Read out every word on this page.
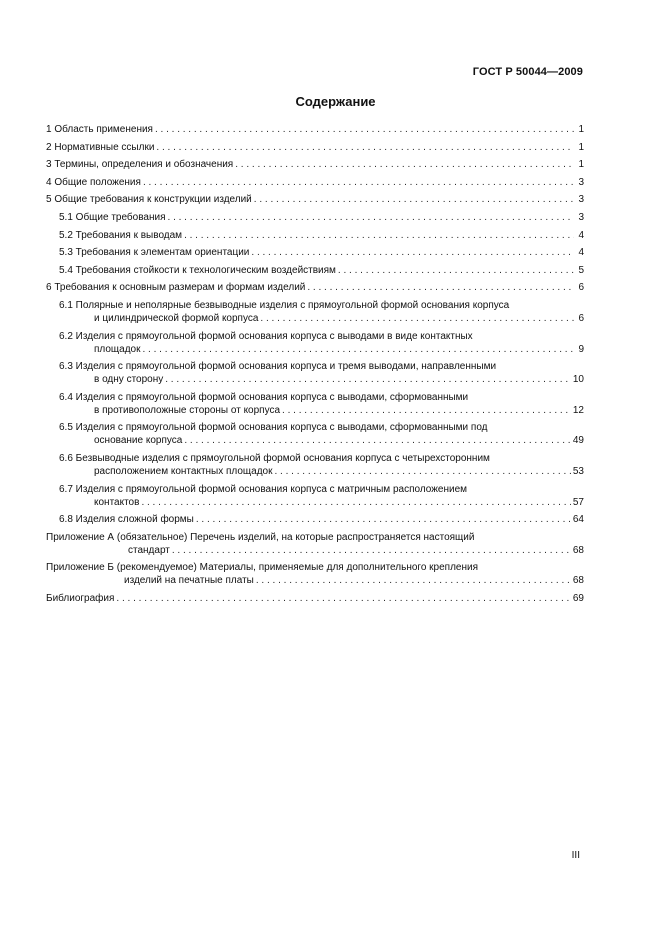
ГОСТ Р 50044—2009
Содержание
1 Область применения . . .	1
2 Нормативные ссылки . . .	1
3 Термины, определения и обозначения . . .	1
4 Общие положения . . .	3
5 Общие требования к конструкции изделий . . .	3
5.1 Общие требования . . .	3
5.2 Требования к выводам . . .	4
5.3 Требования к элементам ориентации . . .	4
5.4 Требования стойкости к технологическим воздействиям . . .	5
6 Требования к основным размерам и формам изделий . . .	6
6.1 Полярные и неполярные безвыводные изделия с прямоугольной формой основания корпуса
и цилиндрической формой корпуса . . .	6
6.2 Изделия с прямоугольной формой основания корпуса с выводами в виде контактных
площадок . . .	9
6.3 Изделия с прямоугольной формой основания корпуса и тремя выводами, направленными
в одну сторону . . .	10
6.4 Изделия с прямоугольной формой основания корпуса с выводами, сформованными
в противоположные стороны от корпуса . . .	12
6.5 Изделия с прямоугольной формой основания корпуса с выводами, сформованными под
основание корпуса . . .	49
6.6 Безвыводные изделия с прямоугольной формой основания корпуса с четырехсторонним
расположением контактных площадок . . .	53
6.7 Изделия с прямоугольной формой основания корпуса с матричным расположением
контактов . . .	57
6.8 Изделия сложной формы . . .	64
Приложение А (обязательное) Перечень изделий, на которые распространяется настоящий
стандарт . . .	68
Приложение Б (рекомендуемое) Материалы, применяемые для дополнительного крепления
изделий на печатные платы . . .	68
Библиография . . .	69
III
